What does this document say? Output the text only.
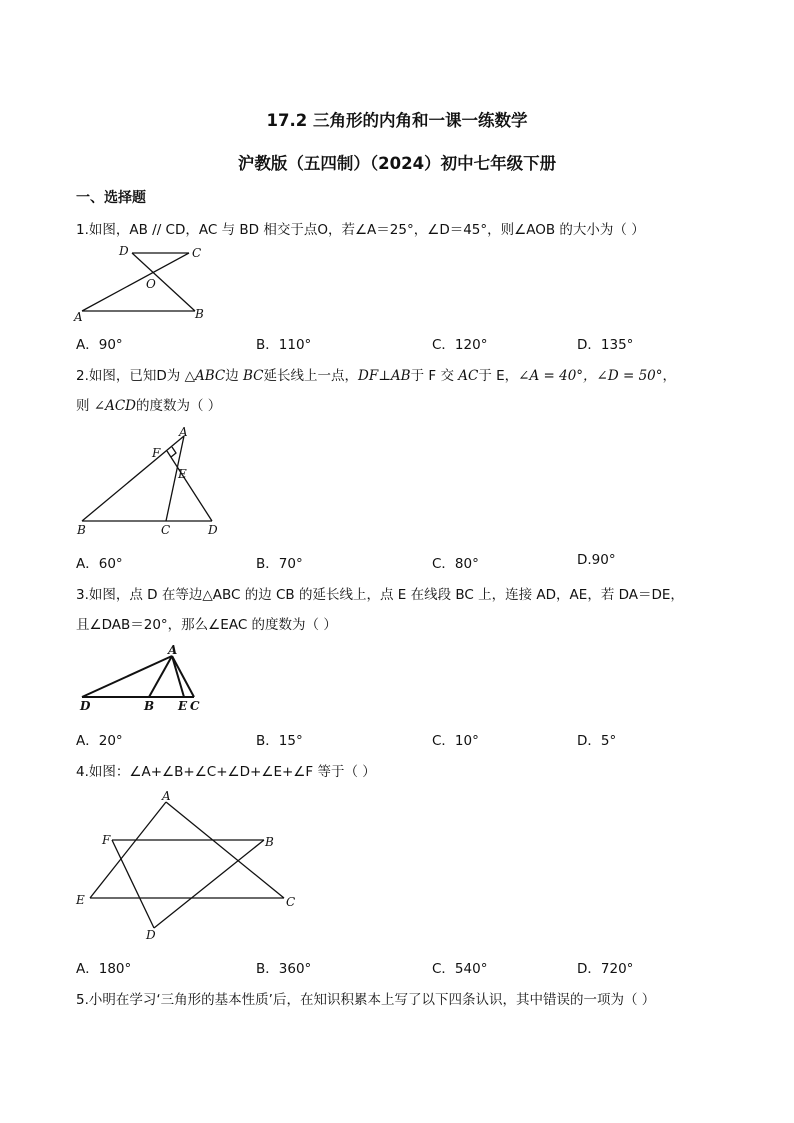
17.2 三角形的内角和一课一练数学
沪教版（五四制）（2024）初中七年级下册
一、选择题
1.如图，AB // CD，AC 与 BD 相交于点O，若∠A＝25°，∠D＝45°，则∠AOB 的大小为（ ）
D	C
O
A	B
A．90°	B．110°	C．120°	D．135°
2.如图，已知D为 △ABC边 BC延长线上一点，DF⊥AB于 F 交 AC于 E，∠A = 40°，∠D = 50°，
则 ∠ACD的度数为（ ）
A
F
E
B	C	D
A．60°	B．70°	C．80°	D.90°
3.如图，点 D 在等边△ABC 的边 CB 的延长线上，点 E 在线段 BC 上，连接 AD，AE，若 DA＝DE，
且∠DAB＝20°，那么∠EAC 的度数为（ ）
A
D	B E C
A．20°	B．15°	C．10°	D．5°
4.如图：∠A+∠B+∠C+∠D+∠E+∠F 等于（ ）
A
F	B
E	C
D
A．180°	B．360°	C．540°	D．720°
5.小明在学习‘三角形的基本性质’后，在知识积累本上写了以下四条认识，其中错误的一项为（ ）
